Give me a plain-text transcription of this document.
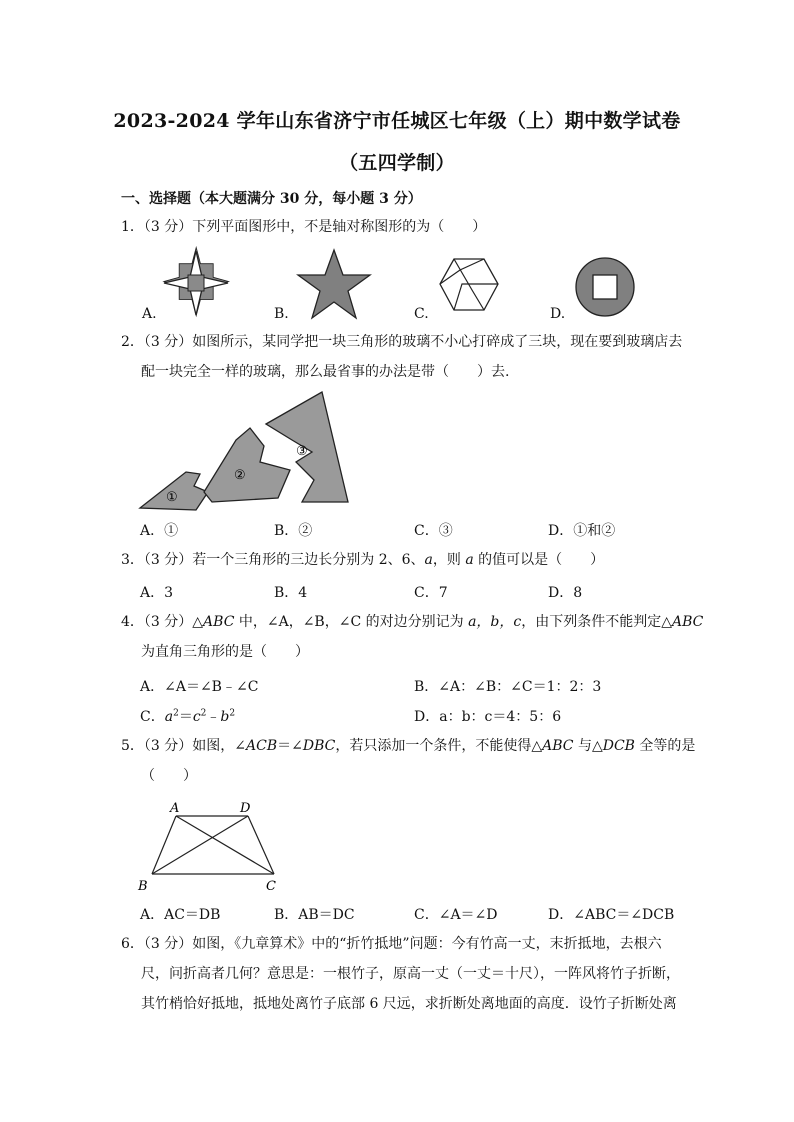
2023-2024 学年山东省济宁市任城区七年级（上）期中数学试卷
（五四学制）
一、选择题（本大题满分 30 分，每小题 3 分）
1．（3 分）下列平面图形中，不是轴对称图形的为（　　）
A.	B.	C.	D.
2．（3 分）如图所示，某同学把一块三角形的玻璃不小心打碎成了三块，现在要到玻璃店去
配一块完全一样的玻璃，那么最省事的办法是带（　　）去.
①
②
③
A．①	B．②	C．③	D．①和②
3．（3 分）若一个三角形的三边长分别为 2、6、a，则 a 的值可以是（　　）
A．3	B．4	C．7	D．8
4．（3 分）△ABC 中，∠A，∠B，∠C 的对边分别记为 a，b，c，由下列条件不能判定△ABC
为直角三角形的是（　　）
A．∠A＝∠B﹣∠C	B．∠A：∠B：∠C＝1：2：3
C．$a^2=c^2﹣b^2$	D．a：b：c＝4：5：6
5．（3 分）如图，∠ACB＝∠DBC，若只添加一个条件，不能使得△ABC 与△DCB 全等的是
（　　）
A	D
B	C
A．AC＝DB	B．AB＝DC	C．∠A＝∠D	D．∠ABC＝∠DCB
6．（3 分）如图，《九章算术》中的“折竹抵地”问题：今有竹高一丈，末折抵地，去根六
尺，问折高者几何？意思是：一根竹子，原高一丈（一丈＝十尺），一阵风将竹子折断，
其竹梢恰好抵地，抵地处离竹子底部 6 尺远，求折断处离地面的高度．设竹子折断处离
